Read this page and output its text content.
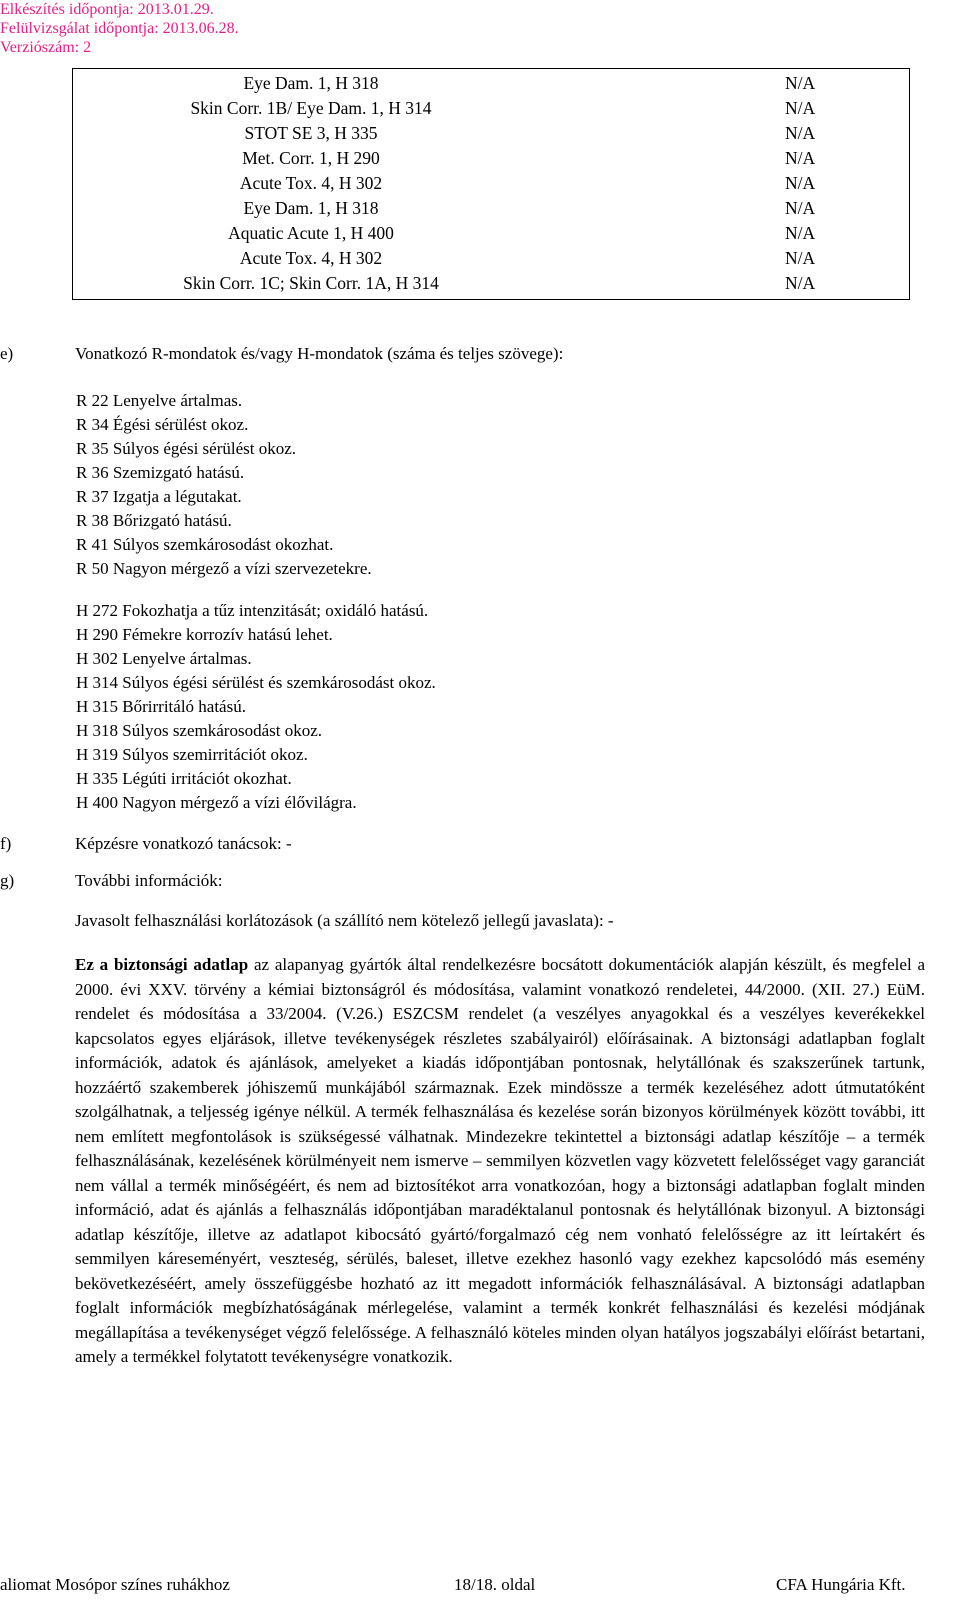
Elkészítés időpontja: 2013.01.29.
Felülvizsgálat időpontja: 2013.06.28.
Verziószám: 2
Eye Dam. 1, H 318	N/A
Skin Corr. 1B/ Eye Dam. 1, H 314	N/A
STOT SE 3, H 335	N/A
Met. Corr. 1, H 290	N/A
Acute Tox. 4, H 302	N/A
Eye Dam. 1, H 318	N/A
Aquatic Acute 1, H 400	N/A
Acute Tox. 4, H 302	N/A
Skin Corr. 1C; Skin Corr. 1A, H 314	N/A
e)	Vonatkozó R-mondatok és/vagy H-mondatok (száma és teljes szövege):
R 22 Lenyelve ártalmas.
R 34 Égési sérülést okoz.
R 35 Súlyos égési sérülést okoz.
R 36 Szemizgató hatású.
R 37 Izgatja a légutakat.
R 38 Bőrizgató hatású.
R 41 Súlyos szemkárosodást okozhat.
R 50 Nagyon mérgező a vízi szervezetekre.
H 272 Fokozhatja a tűz intenzitását; oxidáló hatású.
H 290 Fémekre korrozív hatású lehet.
H 302 Lenyelve ártalmas.
H 314 Súlyos égési sérülést és szemkárosodást okoz.
H 315 Bőrirritáló hatású.
H 318 Súlyos szemkárosodást okoz.
H 319 Súlyos szemirritációt okoz.
H 335 Légúti irritációt okozhat.
H 400 Nagyon mérgező a vízi élővilágra.
f)	Képzésre vonatkozó tanácsok: -
g)	További információk:
Javasolt felhasználási korlátozások (a szállító nem kötelező jellegű javaslata): -
Ez a biztonsági adatlap az alapanyag gyártók által rendelkezésre bocsátott dokumentációk alapján készült, és megfelel a 2000. évi XXV. törvény a kémiai biztonságról és módosítása, valamint vonatkozó rendeletei, 44/2000. (XII. 27.) EüM. rendelet és módosítása a 33/2004. (V.26.) ESZCSM rendelet (a veszélyes anyagokkal és a veszélyes keverékekkel kapcsolatos egyes eljárások, illetve tevékenységek részletes szabályairól) előírásainak. A biztonsági adatlapban foglalt információk, adatok és ajánlások, amelyeket a kiadás időpontjában pontosnak, helytállónak és szakszerűnek tartunk, hozzáértő szakemberek jóhiszemű munkájából származnak. Ezek mindössze a termék kezeléséhez adott útmutatóként szolgálhatnak, a teljesség igénye nélkül. A termék felhasználása és kezelése során bizonyos körülmények között további, itt nem említett megfontolások is szükségessé válhatnak. Mindezekre tekintettel a biztonsági adatlap készítője – a termék felhasználásának, kezelésének körülményeit nem ismerve – semmilyen közvetlen vagy közvetett felelősséget vagy garanciát nem vállal a termék minőségéért, és nem ad biztosítékot arra vonatkozóan, hogy a biztonsági adatlapban foglalt minden információ, adat és ajánlás a felhasználás időpontjában maradéktalanul pontosnak és helytállónak bizonyul. A biztonsági adatlap készítője, illetve az adatlapot kibocsátó gyártó/forgalmazó cég nem vonható felelősségre az itt leírtakért és semmilyen káreseményért, veszteség, sérülés, baleset, illetve ezekhez hasonló vagy ezekhez kapcsolódó más esemény bekövetkezéséért, amely összefüggésbe hozható az itt megadott információk felhasználásával. A biztonsági adatlapban foglalt információk megbízhatóságának mérlegelése, valamint a termék konkrét felhasználási és kezelési módjának megállapítása a tevékenységet végző felelőssége. A felhasználó köteles minden olyan hatályos jogszabályi előírást betartani, amely a termékkel folytatott tevékenységre vonatkozik.
aliomat Mosópor színes ruhákhoz	18/18. oldal	CFA Hungária Kft.
